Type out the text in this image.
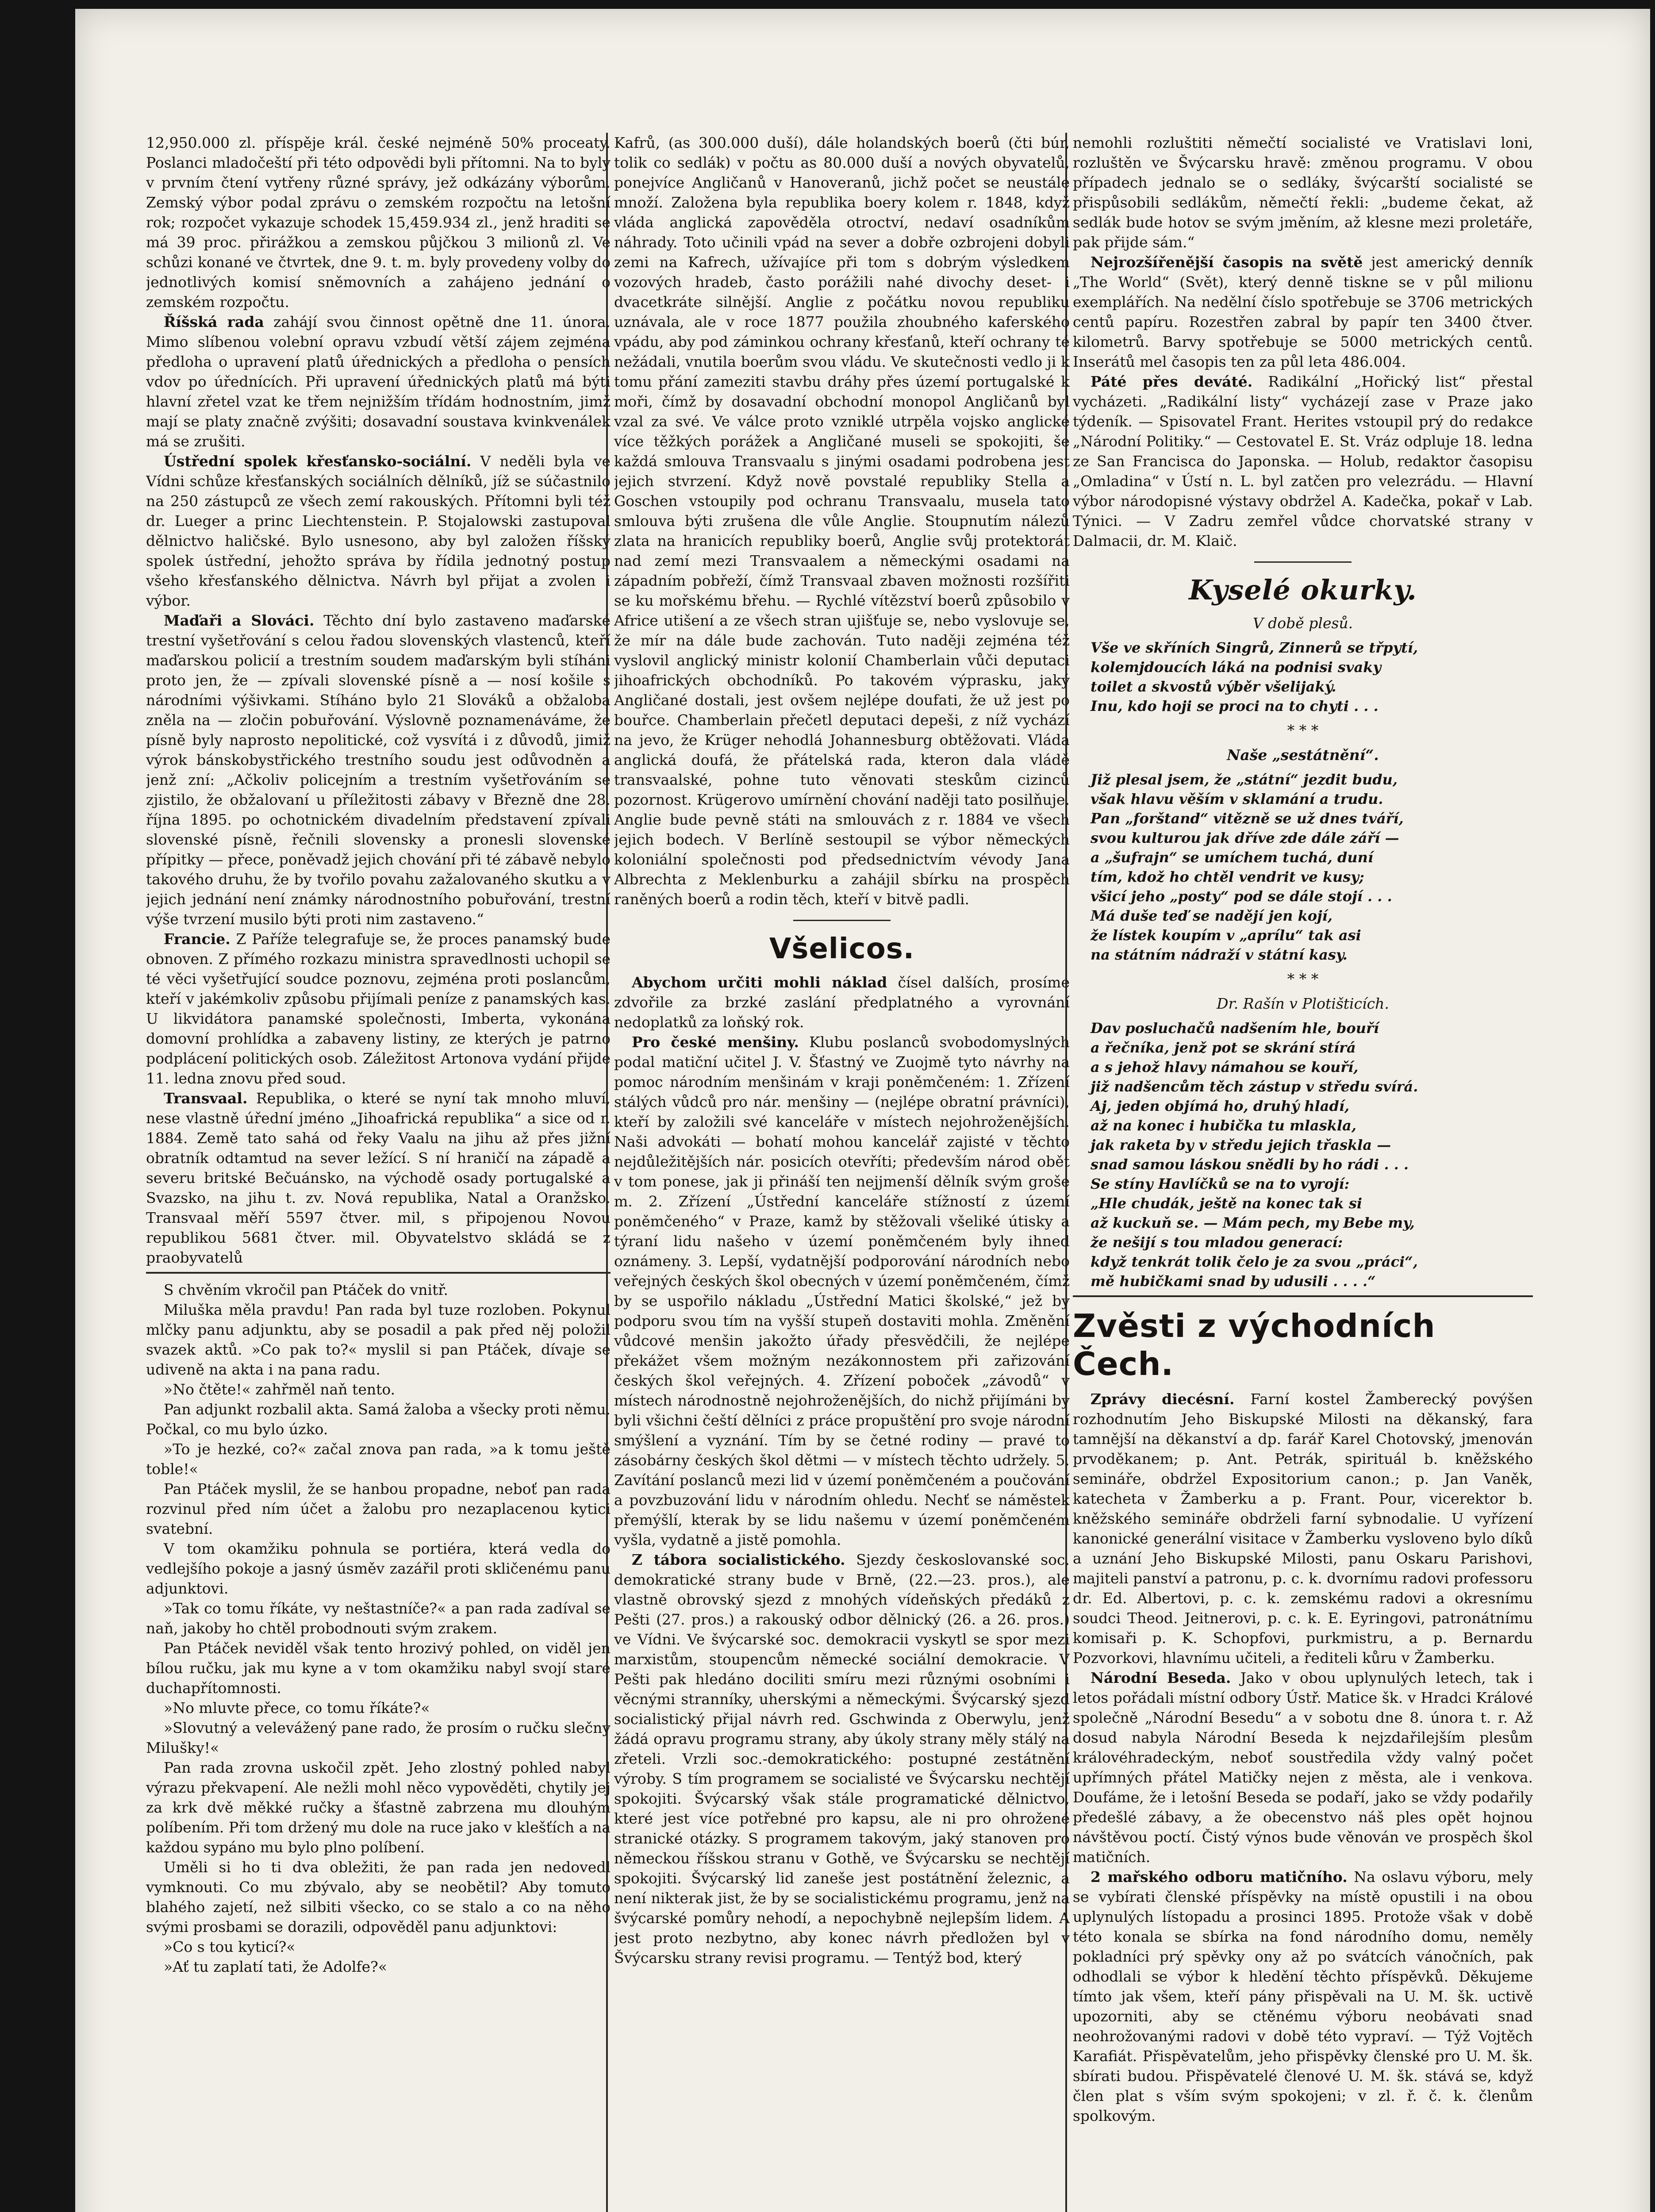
12,950.000 zl. příspěje král. české nejméně 50% proceaty. Poslanci mladočeští při této odpovědi byli přítomni. Na to byly v prvním čtení vytřeny různé správy, jež odkázány výborům. Zemský výbor podal zprávu o zemském rozpočtu na letošní rok; rozpočet vykazuje schodek 15,459.934 zl., jenž hraditi se má 39 proc. přirážkou a zemskou půjčkou 3 milionů zl. Ve schůzi konané ve čtvrtek, dne 9. t. m. byly provedeny volby do jednotlivých komisí sněmovních a zahájeno jednání o zemském rozpočtu.

Říšská rada zahájí svou činnost opětně dne 11. února. Mimo slíbenou volební opravu vzbudí větší zájem zejména předloha o upravení platů úřednických a předloha o pensích vdov po úřednících. Při upravení úřednických platů má býti hlavní zřetel vzat ke třem nejnižším třídám hodnostním, jimž mají se platy značně zvýšiti; dosavadní soustava kvinkvenálek má se zrušiti.

Ústřední spolek křesťansko-sociální. V neděli byla ve Vídni schůze křesťanských sociálních dělníků, jíž se súčastnilo na 250 zástupců ze všech zemí rakouských. Přítomni byli též dr. Lueger a princ Liechtenstein. P. Stojalowski zastupoval dělnictvo haličské. Bylo usnesono, aby byl založen říšský spolek ústřední, jehožto správa by řídila jednotný postup všeho křesťanského dělnictva. Návrh byl přijat a zvolen i výbor.

Maďaři a Slováci. Těchto dní bylo zastaveno maďarské trestní vyšetřování s celou řadou slovenských vlastenců, kteří maďarskou policií a trestním soudem maďarským byli stíháni proto jen, že — zpívali slovenské písně a — nosí košile s národními výšivkami. Stíháno bylo 21 Slováků a obžaloba zněla na — zločin pobuřování. Výslovně poznamenáváme, že písně byly naprosto nepolitické, což vysvítá i z důvodů, jimiž výrok bánskobystřického trestního soudu jest odůvodněn a jenž zní: „Ačkoliv policejním a trestním vyšetřováním se zjistilo, že obžalovaní u příležitosti zábavy v Březně dne 28. října 1895. po ochotnickém divadelním představení zpívali slovenské písně, řečnili slovensky a pronesli slovenské přípitky — přece, poněvadž jejich chování při té zábavě nebylo takového druhu, že by tvořilo povahu zažalovaného skutku a v jejich jednání není známky národnostního pobuřování, trestní výše tvrzení musilo býti proti nim zastaveno.“

Francie. Z Paříže telegrafuje se, že proces panamský bude obnoven. Z přímého rozkazu ministra spravedlnosti uchopil se té věci vyšetřující soudce poznovu, zejména proti poslancům, kteří v jakémkoliv způsobu přijímali peníze z panamských kas. U likvidátora panamské společnosti, Imberta, vykonána domovní prohlídka a zabaveny listiny, ze kterých je patrno podplácení politických osob. Záležitost Artonova vydání přijde 11. ledna znovu před soud.

Transvaal. Republika, o které se nyní tak mnoho mluví, nese vlastně úřední jméno „Jihoafrická republika“ a sice od r. 1884. Země tato sahá od řeky Vaalu na jihu až přes jižní obratník odtamtud na sever ležící. S ní hraničí na západě a severu britské Bečuánsko, na východě osady portugalské a Svazsko, na jihu t. zv. Nová republika, Natal a Oranžsko. Transvaal měří 5597 čtver. mil, s připojenou Novou republikou 5681 čtver. mil. Obyvatelstvo skládá se z praobyvatelů

S chvěním vkročil pan Ptáček do vnitř.

Miluška měla pravdu! Pan rada byl tuze rozloben. Pokynul mlčky panu adjunktu, aby se posadil a pak před něj položil svazek aktů. »Co pak to?« myslil si pan Ptáček, dívaje se udiveně na akta i na pana radu.

»No čtěte!« zahřměl naň tento.

Pan adjunkt rozbalil akta. Samá žaloba a všecky proti němu. Počkal, co mu bylo úzko.

»To je hezké, co?« začal znova pan rada, »a k tomu ještě toble!«

Pan Ptáček myslil, že se hanbou propadne, neboť pan rada rozvinul před ním účet a žalobu pro nezaplacenou kytici svatební.

V tom okamžiku pohnula se portiéra, která vedla do vedlejšího pokoje a jasný úsměv zazářil proti skličenému panu adjunktovi.

»Tak co tomu říkáte, vy neštastníče?« a pan rada zadíval se naň, jakoby ho chtěl probodnouti svým zrakem.

Pan Ptáček neviděl však tento hrozivý pohled, on viděl jen bílou ručku, jak mu kyne a v tom okamžiku nabyl svojí staré duchapřítomnosti.

»No mluvte přece, co tomu říkáte?«

»Slovutný a velevážený pane rado, že prosím o ručku slečny Milušky!«

Pan rada zrovna uskočil zpět. Jeho zlostný pohled nabyl výrazu překvapení. Ale nežli mohl něco vypověděti, chytily jej za krk dvě měkké ručky a šťastně zabrzena mu dlouhým políbením. Při tom držený mu dole na ruce jako v klešťích a na každou sypáno mu bylo plno políbení.

Uměli si ho ti dva obležiti, že pan rada jen nedovedl vymknouti. Co mu zbývalo, aby se neobětil? Aby tomuto blahého zajetí, než silbiti všecko, co se stalo a co na něho svými prosbami se dorazili, odpověděl panu adjunktovi:

»Co s tou kyticí?«

»Ať tu zaplatí tati, že Adolfe?«

Kafrů, (as 300.000 duší), dále holandských boerů (čti búr, tolik co sedlák) v počtu as 80.000 duší a nových obyvatelů, ponejvíce Angličanů v Hanoveranů, jichž počet se neustále množí. Založena byla republika boery kolem r. 1848, když vláda anglická zapověděla otroctví, nedaví osadníkům náhrady. Toto učinili vpád na sever a dobře ozbrojeni dobyli zemi na Kafrech, užívajíce při tom s dobrým výsledkem vozových hradeb, často porážili nahé divochy deset- i dvacetkráte silnější. Anglie z počátku novou republiku uznávala, ale v roce 1877 použila zhoubného kaferského vpádu, aby pod záminkou ochrany křesťanů, kteří ochrany té nežádali, vnutila boerům svou vládu. Ve skutečnosti vedlo ji k tomu přání zameziti stavbu dráhy přes území portugalské k moři, čímž by dosavadní obchodní monopol Angličanů byl vzal za své. Ve válce proto vzniklé utrpěla vojsko anglické více těžkých porážek a Angličané museli se spokojiti, še každá smlouva Transvaalu s jinými osadami podrobena jest jejich stvrzení. Když nově povstalé republiky Stella a Goschen vstoupily pod ochranu Transvaalu, musela tato smlouva býti zrušena dle vůle Anglie. Stoupnutím nálezů zlata na hranicích republiky boerů, Anglie svůj protektorát nad zemí mezi Transvaalem a německými osadami na západním pobřeží, čímž Transvaal zbaven možnosti rozšířiti se ku mořskému břehu. — Rychlé vítězství boerů způsobilo v Africe utišení a ze všech stran ujišťuje se, nebo vyslovuje se, že mír na dále bude zachován. Tuto naději zejména též vyslovil anglický ministr kolonií Chamberlain vůči deputaci jihoafrických obchodníků. Po takovém výprasku, jaký Angličané dostali, jest ovšem nejlépe doufati, že už jest po bouřce. Chamberlain přečetl deputaci depeši, z níž vychází na jevo, že Krüger nehodlá Johannesburg obtěžovati. Vláda anglická doufá, že přátelská rada, kteron dala vládě transvaalské, pohne tuto věnovati steskům cizinců pozornost. Krügerovo umírnění chování naději tato posilňuje. Anglie bude pevně státi na smlouvách z r. 1884 ve všech jejich bodech. V Berlíně sestoupil se výbor německých koloniální společnosti pod předsednictvím vévody Jana Albrechta z Meklenburku a zahájil sbírku na prospěch raněných boerů a rodin těch, kteří v bitvě padli.

Všelicos.

Abychom určiti mohli náklad čísel dalších, prosíme zdvořile za brzké zaslání předplatného a vyrovnání nedoplatků za loňský rok.

Pro české menšiny. Klubu poslanců svobodomyslných podal matiční učitel J. V. Šťastný ve Zuojmě tyto návrhy na pomoc národním menšinám v kraji poněmčeném: 1. Zřízení stálých vůdců pro nár. menšiny — (nejlépe obratní právníci), kteří by založili své kanceláře v místech nejohroženějších. Naši advokáti — bohatí mohou kancelář zajisté v těchto nejdůležitějších nár. posicích otevříti; především národ obět v tom ponese, jak ji přináší ten nejjmenší dělník svým groše m. 2. Zřízení „Ústřední kanceláře stížností z území poněmčeného“ v Praze, kamž by stěžovali všeliké útisky a týraní lidu našeho v území poněmčeném byly ihned oznámeny. 3. Lepší, vydatnější podporování národních nebo veřejných českých škol obecných v území poněmčeném, čímž by se uspořilo nákladu „Ústřední Matici školské,“ jež by podporu svou tím na vyšší stupeň dostaviti mohla. Změnění vůdcové menšin jakožto úřady přesvědčili, že nejlépe překážet všem možným nezákonnostem při zařizování českých škol veřejných. 4. Zřízení poboček „závodů“ v místech národnostně nejohroženějších, do nichž přijímáni by byli všichni čeští dělníci z práce propuštění pro svoje národní smýšlení a vyznání. Tím by se četné rodiny — pravé to zásobárny českých škol dětmi — v místech těchto udržely. 5. Zavítání poslanců mezi lid v území poněmčeném a poučování a povzbuzování lidu v národním ohledu. Nechť se náměstek přemýšlí, kterak by se lidu našemu v území poněmčeném vyšla, vydatně a jistě pomohla.

Z tábora socialistického. Sjezdy českoslovanské soc. demokratické strany bude v Brně, (22.—23. pros.), ale vlastně obrovský sjezd z mnohých vídeňských předáků z Pešti (27. pros.) a rakouský odbor dělnický (26. a 26. pros.) ve Vídni. Ve švýcarské soc. demokracii vyskytl se spor mezi marxistům, stoupencům německé sociální demokracie. V Pešti pak hledáno dociliti smíru mezi různými osobními i věcnými stranníky, uherskými a německými. Švýcarský sjezd socialistický přijal návrh red. Gschwinda z Oberwylu, jenž žádá opravu programu strany, aby úkoly strany měly stálý na zřeteli. Vrzli soc.-demokratického: postupné zestátnění výroby. S tím programem se socialisté ve Švýcarsku nechtějí spokojiti. Švýcarský však stále programatické dělnictvo, které jest více potřebné pro kapsu, ale ni pro ohrožené stranické otázky. S programem takovým, jaký stanoven pro německou říšskou stranu v Gothě, ve Švýcarsku se nechtějí spokojiti. Švýcarský lid zaneše jest postátnění železnic, a není nikterak jist, že by se socialistickému programu, jenž na švýcarské pomůry nehodí, a nepochybně nejlepším lidem. A jest proto nezbytno, aby konec návrh předložen byl v Švýcarsku strany revisi programu. — Tentýž bod, který

nemohli rozluštiti němečtí socialisté ve Vratislavi loni, rozluštěn ve Švýcarsku hravě: změnou programu. V obou případech jednalo se o sedláky, švýcarští socialisté se přispůsobili sedlákům, němečtí řekli: „budeme čekat, až sedlák bude hotov se svým jměním, až klesne mezi proletáře, pak přijde sám.“

Nejrozšířenější časopis na světě jest americký denník „The World“ (Svět), který denně tiskne se v půl milionu exemplářích. Na nedělní číslo spotřebuje se 3706 metrických centů papíru. Rozestřen zabral by papír ten 3400 čtver. kilometrů. Barvy spotřebuje se 5000 metrických centů. Inserátů mel časopis ten za půl leta 486.004.

Páté přes deváté. Radikální „Hořický list“ přestal vycházeti. „Radikální listy“ vycházejí zase v Praze jako týdeník. — Spisovatel Frant. Herites vstoupil prý do redakce „Národní Politiky.“ — Cestovatel E. St. Vráz odpluje 18. ledna ze San Francisca do Japonska. — Holub, redaktor časopisu „Omladina“ v Ústí n. L. byl zatčen pro velezrádu. — Hlavní výbor národopisné výstavy obdržel A. Kadečka, pokař v Lab. Týnici. — V Zadru zemřel vůdce chorvatské strany v Dalmacii, dr. M. Klaič.

Kyselé okurky.
V době plesů.

Vše ve skříních Singrů, Zinnerů se třpytí,

kolemjdoucích láká na podnisi svaky

toilet a skvostů výběr všelijaký.

Inu, kdo hoji se proci na to chyti . . .

* * *
Naše „sestátnění“.

Již plesal jsem, že „státní“ jezdit budu,

však hlavu věším v sklamání a trudu.

Pan „forštand“ vitězně se už dnes tváří,

svou kulturou jak dříve zde dále září —

a „šufrajn“ se umíchem tuchá, duní

tím, kdož ho chtěl vendrit ve kusy;

všicí jeho „posty“ pod se dále stojí . . .

Má duše teď se nadějí jen kojí,

že lístek koupím v „aprílu“ tak asi

na státním nádraží v státní kasy.

* * *
Dr. Rašín v Plotišticích.

Dav posluchačů nadšením hle, bouří

a řečníka, jenž pot se skrání stírá

a s jehož hlavy námahou se kouří,

již nadšencům těch zástup v středu svírá.

Aj, jeden objímá ho, druhý hladí,

až na konec i hubička tu mlaskla,

jak raketa by v středu jejich třaskla —

snad samou láskou snědli by ho rádi . . .

Se stíny Havlíčků se na to vyrojí:

„Hle chudák, ještě na konec tak si

až kuckuň se. — Mám pech, my Bebe my,

že nešijí s tou mladou generací:

když tenkrát tolik čelo je za svou „práci“,

mě hubičkami snad by udusili . . . .“

Zvěsti z východních Čech.

Zprávy diecésní. Farní kostel Žamberecký povýšen rozhodnutím Jeho Biskupské Milosti na děkanský, fara tamnější na děkanství a dp. farář Karel Chotovský, jmenován prvoděkanem; p. Ant. Petrák, spirituál b. kněžského semináře, obdržel Expositorium canon.; p. Jan Vaněk, katecheta v Žamberku a p. Frant. Pour, vicerektor b. kněžského semináře obdrželi farní sybnodalie. U vyřízení kanonické generální visitace v Žamberku vysloveno bylo díků a uznání Jeho Biskupské Milosti, panu Oskaru Parishovi, majiteli panství a patronu, p. c. k. dvornímu radovi professoru dr. Ed. Albertovi, p. c. k. zemskému radovi a okresnímu soudci Theod. Jeitnerovi, p. c. k. E. Eyringovi, patronátnímu komisaři p. K. Schopfovi, purkmistru, a p. Bernardu Pozvorkovi, hlavnímu učiteli, a řediteli kůru v Žamberku.

Národní Beseda. Jako v obou uplynulých letech, tak i letos pořádali místní odbory Ústř. Matice šk. v Hradci Králové společně „Národní Besedu“ a v sobotu dne 8. února t. r. Až dosud nabyla Národní Beseda k nejzdařilejším plesům královéhradeckým, neboť soustředila vždy valný počet upřímných přátel Matičky nejen z města, ale i venkova. Doufáme, že i letošní Beseda se podaří, jako se vždy podařily předešlé zábavy, a že obecenstvo náš ples opět hojnou návštěvou poctí. Čistý výnos bude věnován ve prospěch škol matičních.

2 mařského odboru matičního. Na oslavu výboru, mely se vybírati členské příspěvky na místě opustili i na obou uplynulých lístopadu a prosinci 1895. Protože však v době této konala se sbírka na fond národního domu, neměly pokladníci prý spěvky ony až po svátcích vánočních, pak odhodlali se výbor k hledění těchto příspěvků. Děkujeme tímto jak všem, kteří pány přispěvali na U. M. šk. uctivě upozorniti, aby se ctěnému výboru neobávati snad neohrožovanými radovi v době této vypraví. — Týž Vojtěch Karafiát. Přispěvatelům, jeho přispěvky členské pro U. M. šk. sbírati budou. Přispěvatelé členové U. M. šk. stává se, když člen plat s vším svým spokojeni; v zl. ř. č. k. členům spolkovým.
